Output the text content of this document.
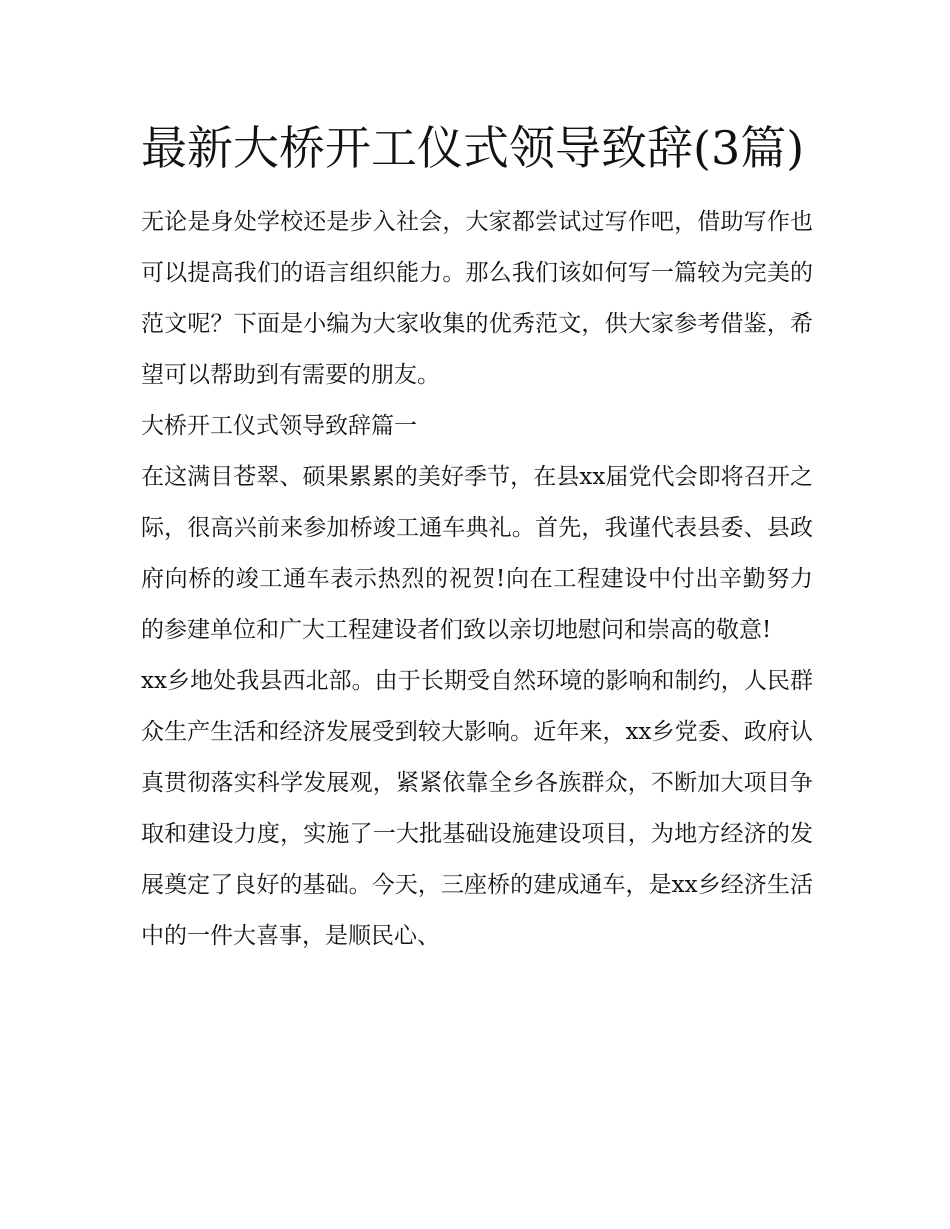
最新大桥开工仪式领导致辞(3篇)

无论是身处学校还是步入社会，大家都尝试过写作吧，借助写作也可以提高我们的语言组织能力。那么我们该如何写一篇较为完美的范文呢？下面是小编为大家收集的优秀范文，供大家参考借鉴，希望可以帮助到有需要的朋友。

大桥开工仪式领导致辞篇一

在这满目苍翠、硕果累累的美好季节，在县xx届党代会即将召开之际，很高兴前来参加桥竣工通车典礼。首先，我谨代表县委、县政府向桥的竣工通车表示热烈的祝贺!向在工程建设中付出辛勤努力的参建单位和广大工程建设者们致以亲切地慰问和崇高的敬意!

xx乡地处我县西北部。由于长期受自然环境的影响和制约，人民群众生产生活和经济发展受到较大影响。近年来，xx乡党委、政府认真贯彻落实科学发展观，紧紧依靠全乡各族群众，不断加大项目争取和建设力度，实施了一大批基础设施建设项目，为地方经济的发展奠定了良好的基础。今天，三座桥的建成通车，是xx乡经济生活中的一件大喜事，是顺民心、
